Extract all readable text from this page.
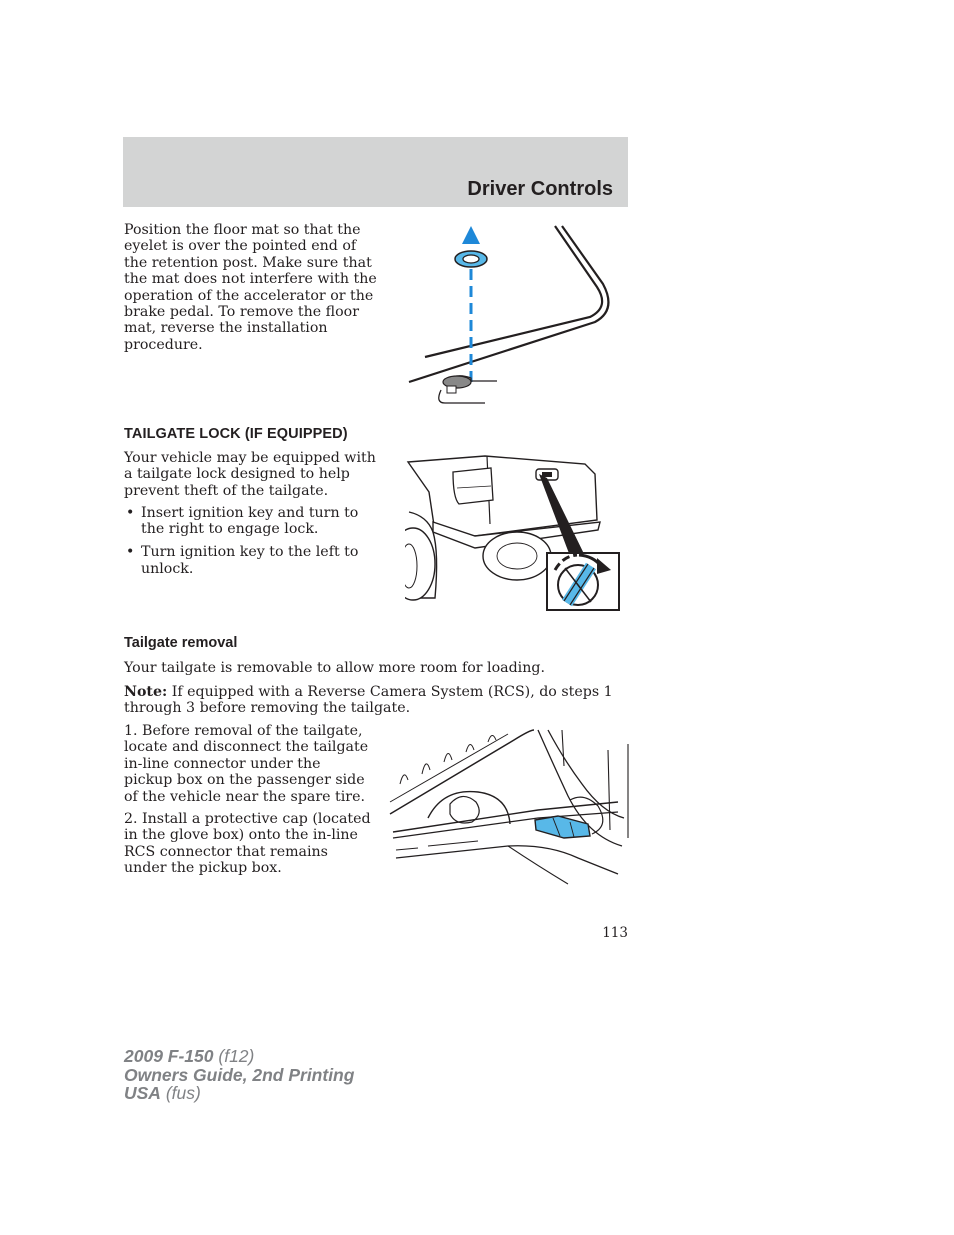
Driver Controls

Position the floor mat so that the eyelet is over the pointed end of the retention post. Make sure that the mat does not interfere with the operation of the accelerator or the brake pedal. To remove the floor mat, reverse the installation procedure.

TAILGATE LOCK (IF EQUIPPED)

Your vehicle may be equipped with a tailgate lock designed to help prevent theft of the tailgate.

• Insert ignition key and turn to the right to engage lock.
• Turn ignition key to the left to unlock.
Tailgate removal

Your tailgate is removable to allow more room for loading.

Note: If equipped with a Reverse Camera System (RCS), do steps 1 through 3 before removing the tailgate.

1. Before removal of the tailgate, locate and disconnect the tailgate in-line connector under the pickup box on the passenger side of the vehicle near the spare tire.

2. Install a protective cap (located in the glove box) onto the in-line RCS connector that remains under the pickup box.

113
2009 F-150 (f12)
Owners Guide, 2nd Printing
USA (fus)
